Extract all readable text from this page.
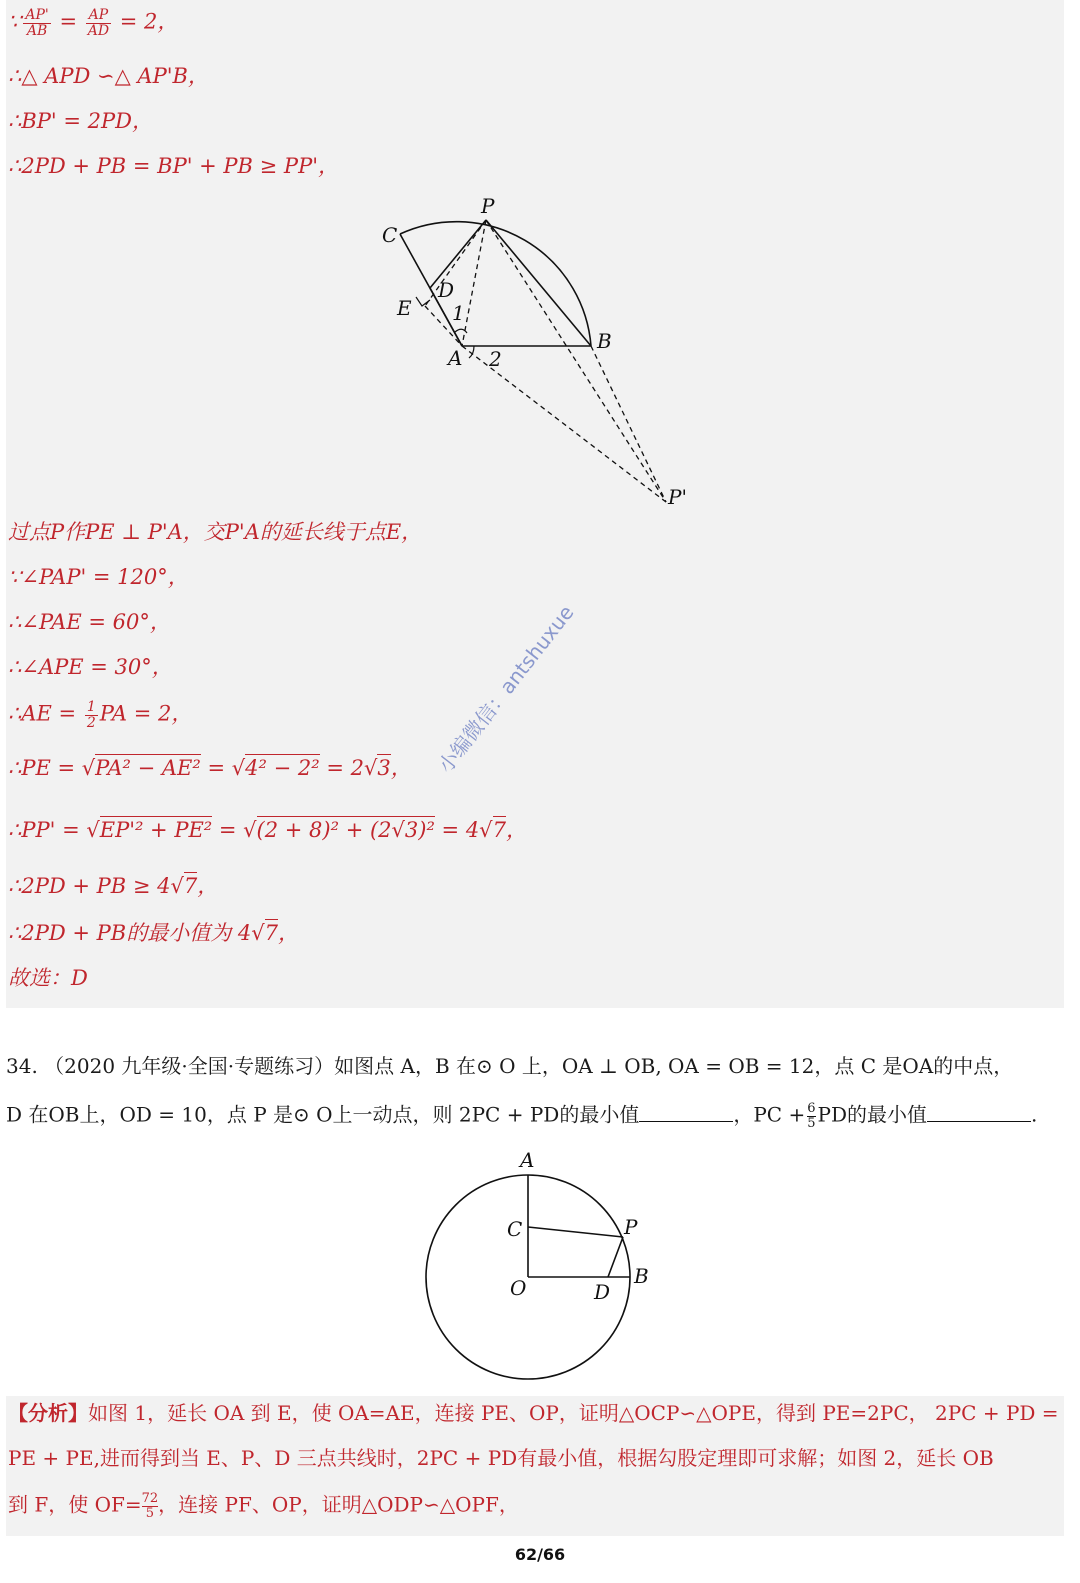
∵ $\frac{AP'}{AB} = \frac{AP}{AD} = 2$，
∴△ APD ∽△ AP'B，
∴BP' = 2PD，
∴2PD + PB = BP' + PB ≥ PP'，
P
C
D
E 1
A 2
B
P'
过点P作PE ⊥ P'A，交P'A的延长线于点E，
∵∠PAP' = 120°，
∴∠PAE = 60°，
∴∠APE = 30°，
∴AE = $\frac{1}{2}$ PA = 2，
∴PE = √PA² − AE² = √4² − 2² = 2√3，
∴PP' = √EP'² + PE² = √(2 + 8)² + (2√3)² = 4√7，
∴2PD + PB ≥ 4√7，
∴2PD + PB的最小值为 4√7，
故选：D
小编微信：antshuxue
34. （2020 九年级·全国·专题练习）如图点 A，B 在⊙ O 上，OA ⊥ OB, OA = OB = 12，点 C 是OA的中点，
D 在OB上，OD = 10，点 P 是⊙ O上一动点，则 2PC + PD的最小值	，PC + $\frac{6}{5}$ PD的最小值	.
A
C	P
O	D
B
【分析】如图 1，延长 OA 到 E，使 OA=AE，连接 PE、OP，证明△OCP∽△OPE，得到 PE=2PC， 2PC + PD =
PE + PE,进而得到当 E、P、D 三点共线时，2PC + PD有最小值，根据勾股定理即可求解；如图 2，延长 OB
到 F，使 $OF= \frac{72}{5}$，连接 PF、OP，证明△ODP∽△OPF，
62/66
